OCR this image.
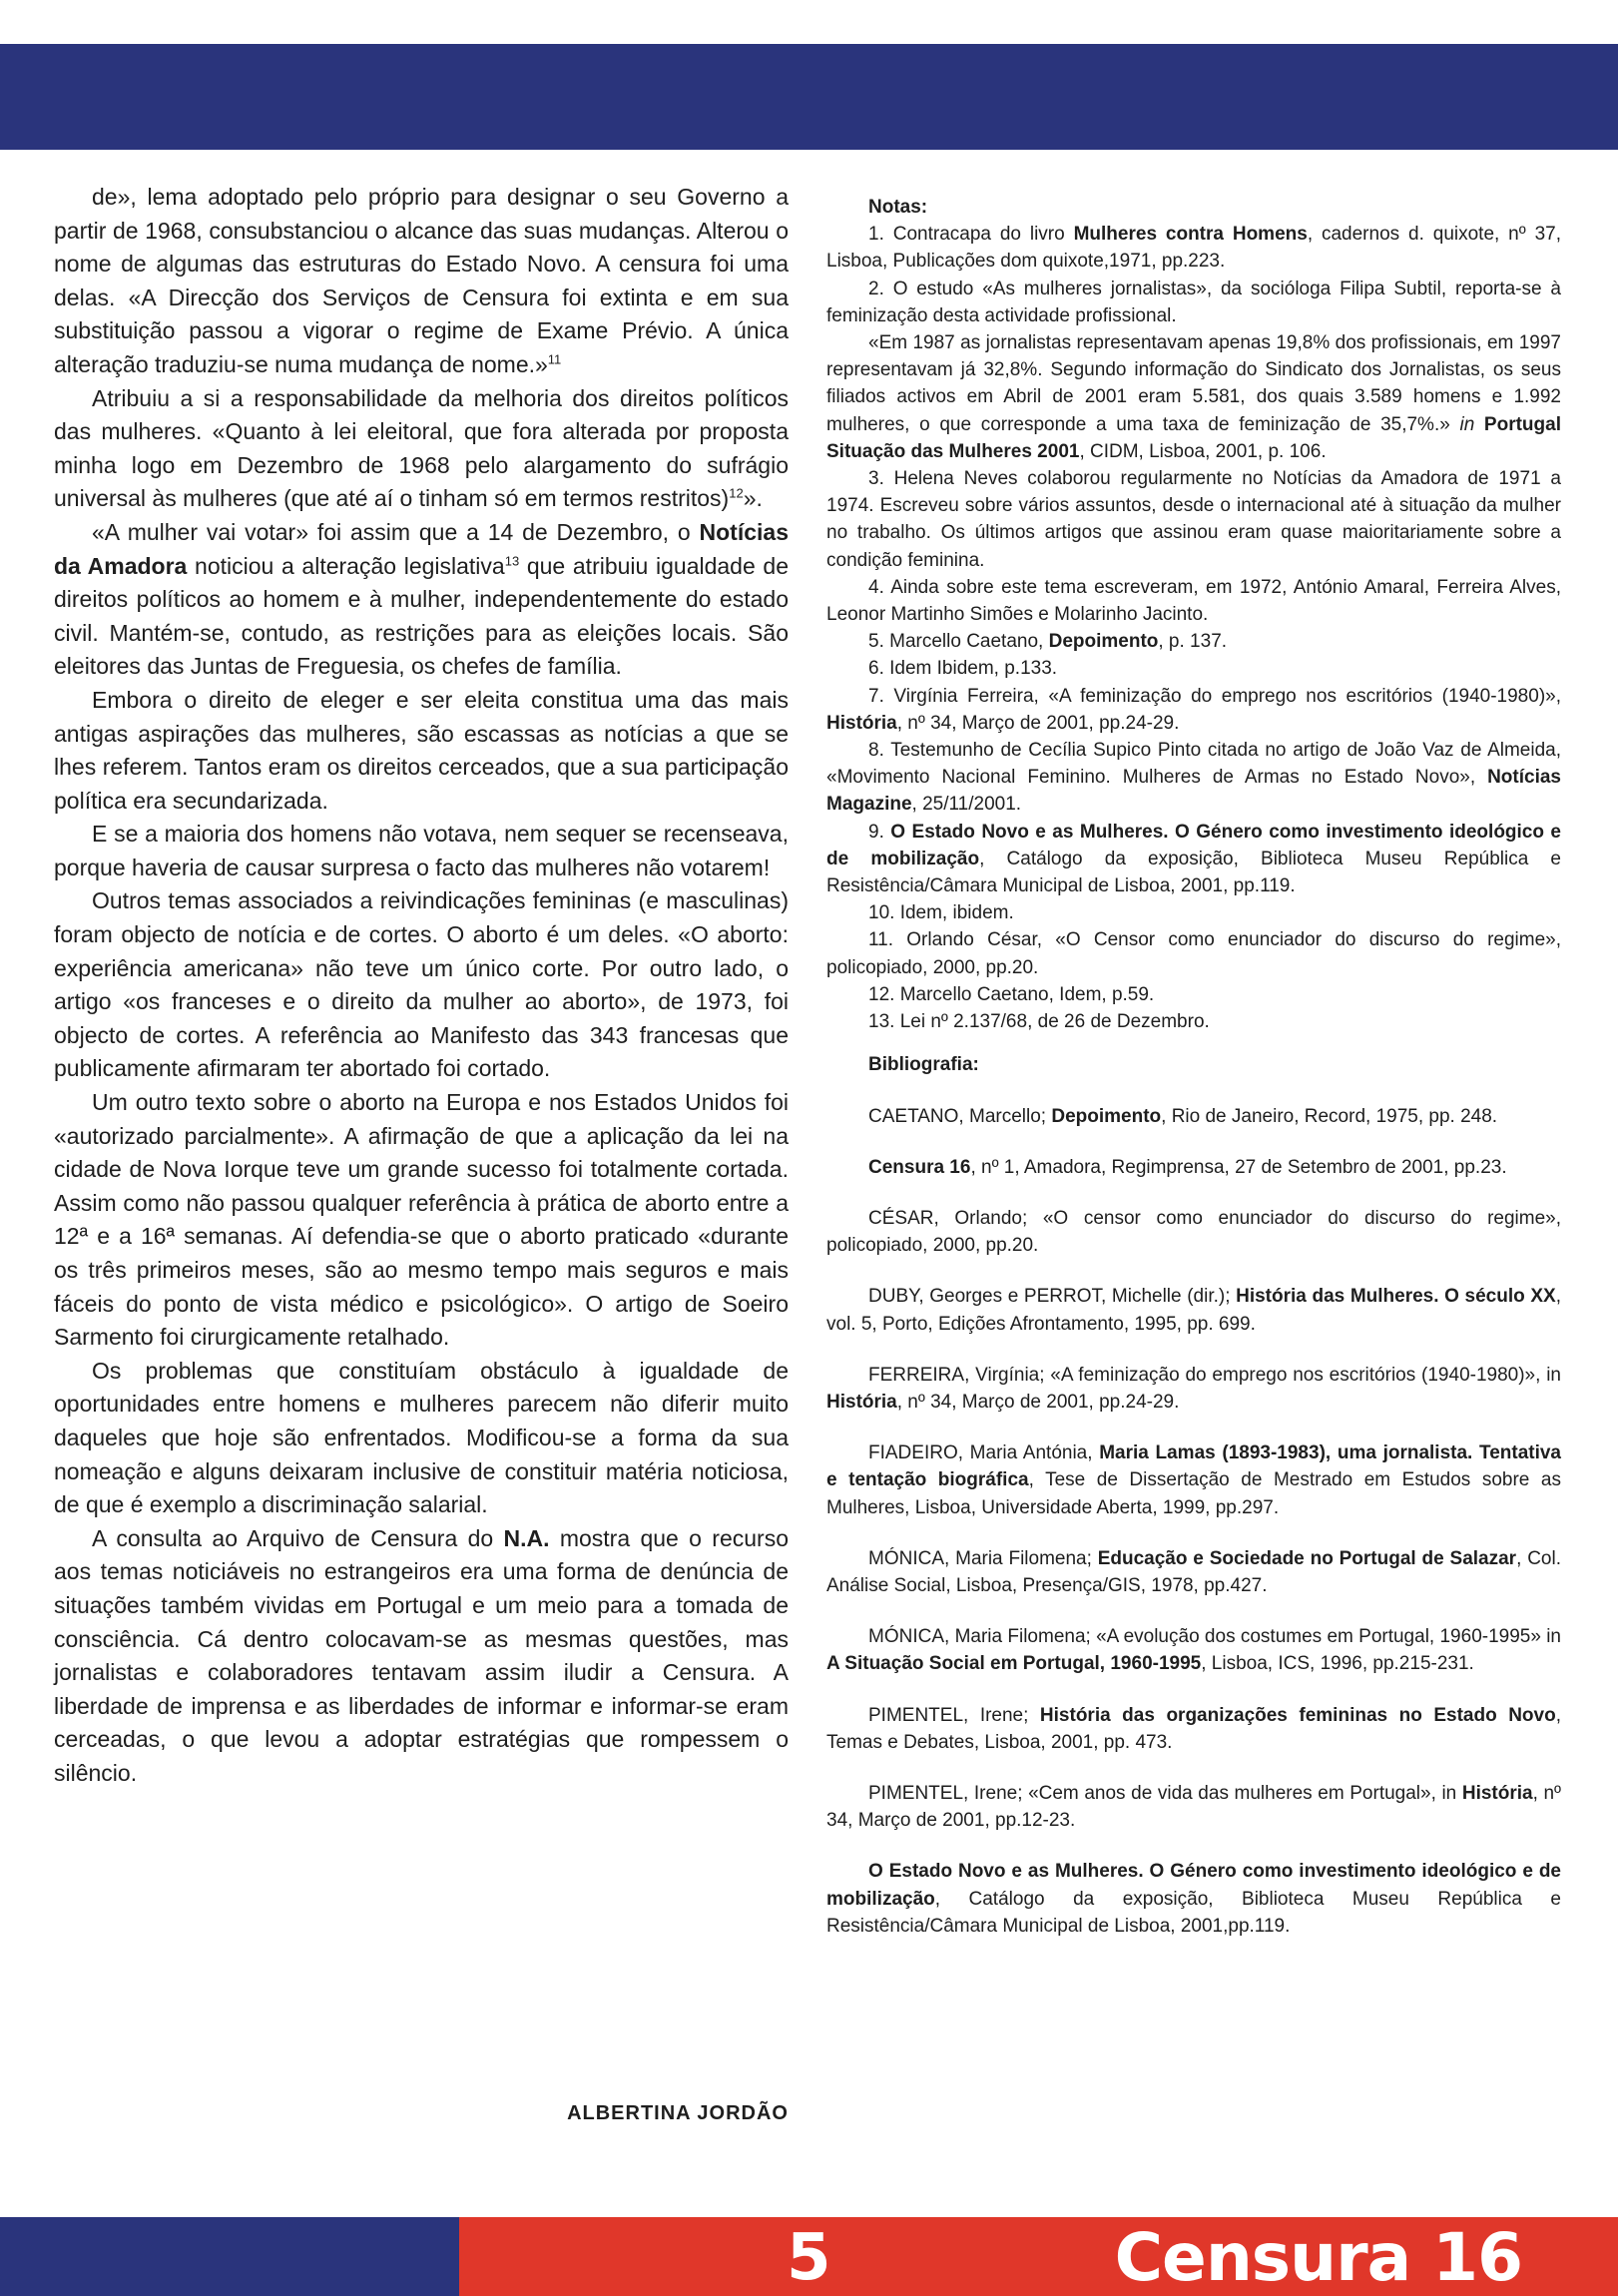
de», lema adoptado pelo próprio para designar o seu Governo a partir de 1968, consubstanciou o alcance das suas mudanças. Alterou o nome de algumas das estruturas do Estado Novo. A censura foi uma delas. «A Direcção dos Serviços de Censura foi extinta e em sua substituição passou a vigorar o regime de Exame Prévio. A única alteração traduziu-se numa mudança de nome.»$^{11}$

Atribuiu a si a responsabilidade da melhoria dos direitos políticos das mulheres. «Quanto à lei eleitoral, que fora alterada por proposta minha logo em Dezembro de 1968 pelo alargamento do sufrágio universal às mulheres (que até aí o tinham só em termos restritos)$^{12}$».

«A mulher vai votar» foi assim que a 14 de Dezembro, o Notícias da Amadora noticiou a alteração legislativa$^{13}$ que atribuiu igualdade de direitos políticos ao homem e à mulher, independentemente do estado civil. Mantém-se, contudo, as restrições para as eleições locais. São eleitores das Juntas de Freguesia, os chefes de família.

Embora o direito de eleger e ser eleita constitua uma das mais antigas aspirações das mulheres, são escassas as notícias a que se lhes referem. Tantos eram os direitos cerceados, que a sua participação política era secundarizada.

E se a maioria dos homens não votava, nem sequer se recenseava, porque haveria de causar surpresa o facto das mulheres não votarem!

Outros temas associados a reivindicações femininas (e masculinas) foram objecto de notícia e de cortes. O aborto é um deles. «O aborto: experiência americana» não teve um único corte. Por outro lado, o artigo «os franceses e o direito da mulher ao aborto», de 1973, foi objecto de cortes. A referência ao Manifesto das 343 francesas que publicamente afirmaram ter abortado foi cortado.

Um outro texto sobre o aborto na Europa e nos Estados Unidos foi «autorizado parcialmente». A afirmação de que a aplicação da lei na cidade de Nova Iorque teve um grande sucesso foi totalmente cortada. Assim como não passou qualquer referência à prática de aborto entre a 12ª e a 16ª semanas. Aí defendia-se que o aborto praticado «durante os três primeiros meses, são ao mesmo tempo mais seguros e mais fáceis do ponto de vista médico e psicológico». O artigo de Soeiro Sarmento foi cirurgicamente retalhado.

Os problemas que constituíam obstáculo à igualdade de oportunidades entre homens e mulheres parecem não diferir muito daqueles que hoje são enfrentados. Modificou-se a forma da sua nomeação e alguns deixaram inclusive de constituir matéria noticiosa, de que é exemplo a discriminação salarial.

A consulta ao Arquivo de Censura do N.A. mostra que o recurso aos temas noticiáveis no estrangeiros era uma forma de denúncia de situações também vividas em Portugal e um meio para a tomada de consciência. Cá dentro colocavam-se as mesmas questões, mas jornalistas e colaboradores tentavam assim iludir a Censura. A liberdade de imprensa e as liberdades de informar e informar-se eram cerceadas, o que levou a adoptar estratégias que rompessem o silêncio.

ALBERTINA JORDÃO

Notas:

1. Contracapa do livro Mulheres contra Homens, cadernos d. quixote, nº 37, Lisboa, Publicações dom quixote,1971, pp.223.

2. O estudo «As mulheres jornalistas», da socióloga Filipa Subtil, reporta-se à feminização desta actividade profissional.

«Em 1987 as jornalistas representavam apenas 19,8% dos profissionais, em 1997 representavam já 32,8%. Segundo informação do Sindicato dos Jornalistas, os seus filiados activos em Abril de 2001 eram 5.581, dos quais 3.589 homens e 1.992 mulheres, o que corresponde a uma taxa de feminização de 35,7%.» in Portugal Situação das Mulheres 2001, CIDM, Lisboa, 2001, p. 106.

3. Helena Neves colaborou regularmente no Notícias da Amadora de 1971 a 1974. Escreveu sobre vários assuntos, desde o internacional até à situação da mulher no trabalho. Os últimos artigos que assinou eram quase maioritariamente sobre a condição feminina.

4. Ainda sobre este tema escreveram, em 1972, António Amaral, Ferreira Alves, Leonor Martinho Simões e Molarinho Jacinto.

5. Marcello Caetano, Depoimento, p. 137.

6. Idem Ibidem, p.133.

7. Virgínia Ferreira, «A feminização do emprego nos escritórios (1940-1980)», História, nº 34, Março de 2001, pp.24-29.

8. Testemunho de Cecília Supico Pinto citada no artigo de João Vaz de Almeida, «Movimento Nacional Feminino. Mulheres de Armas no Estado Novo», Notícias Magazine, 25/11/2001.

9. O Estado Novo e as Mulheres. O Género como investimento ideológico e de mobilização, Catálogo da exposição, Biblioteca Museu República e Resistência/Câmara Municipal de Lisboa, 2001, pp.119.

10. Idem, ibidem.

11. Orlando César, «O Censor como enunciador do discurso do regime», policopiado, 2000, pp.20.

12. Marcello Caetano, Idem, p.59.

13. Lei nº 2.137/68, de 26 de Dezembro.

Bibliografia:

CAETANO, Marcello; Depoimento, Rio de Janeiro, Record, 1975, pp. 248.

Censura 16, nº 1, Amadora, Regimprensa, 27 de Setembro de 2001, pp.23.

CÉSAR, Orlando; «O censor como enunciador do discurso do regime», policopiado, 2000, pp.20.

DUBY, Georges e PERROT, Michelle (dir.); História das Mulheres. O século XX, vol. 5, Porto, Edições Afrontamento, 1995, pp. 699.

FERREIRA, Virgínia; «A feminização do emprego nos escritórios (1940-1980)», in História, nº 34, Março de 2001, pp.24-29.

FIADEIRO, Maria Antónia, Maria Lamas (1893-1983), uma jornalista. Tentativa e tentação biográfica, Tese de Dissertação de Mestrado em Estudos sobre as Mulheres, Lisboa, Universidade Aberta, 1999, pp.297.

MÓNICA, Maria Filomena; Educação e Sociedade no Portugal de Salazar, Col. Análise Social, Lisboa, Presença/GIS, 1978, pp.427.

MÓNICA, Maria Filomena; «A evolução dos costumes em Portugal, 1960-1995» in A Situação Social em Portugal, 1960-1995, Lisboa, ICS, 1996, pp.215-231.

PIMENTEL, Irene; História das organizações femininas no Estado Novo, Temas e Debates, Lisboa, 2001, pp. 473.

PIMENTEL, Irene; «Cem anos de vida das mulheres em Portugal», in História, nº 34, Março de 2001, pp.12-23.

O Estado Novo e as Mulheres. O Género como investimento ideológico e de mobilização, Catálogo da exposição, Biblioteca Museu República e Resistência/Câmara Municipal de Lisboa, 2001,pp.119.

5	Censura 16
